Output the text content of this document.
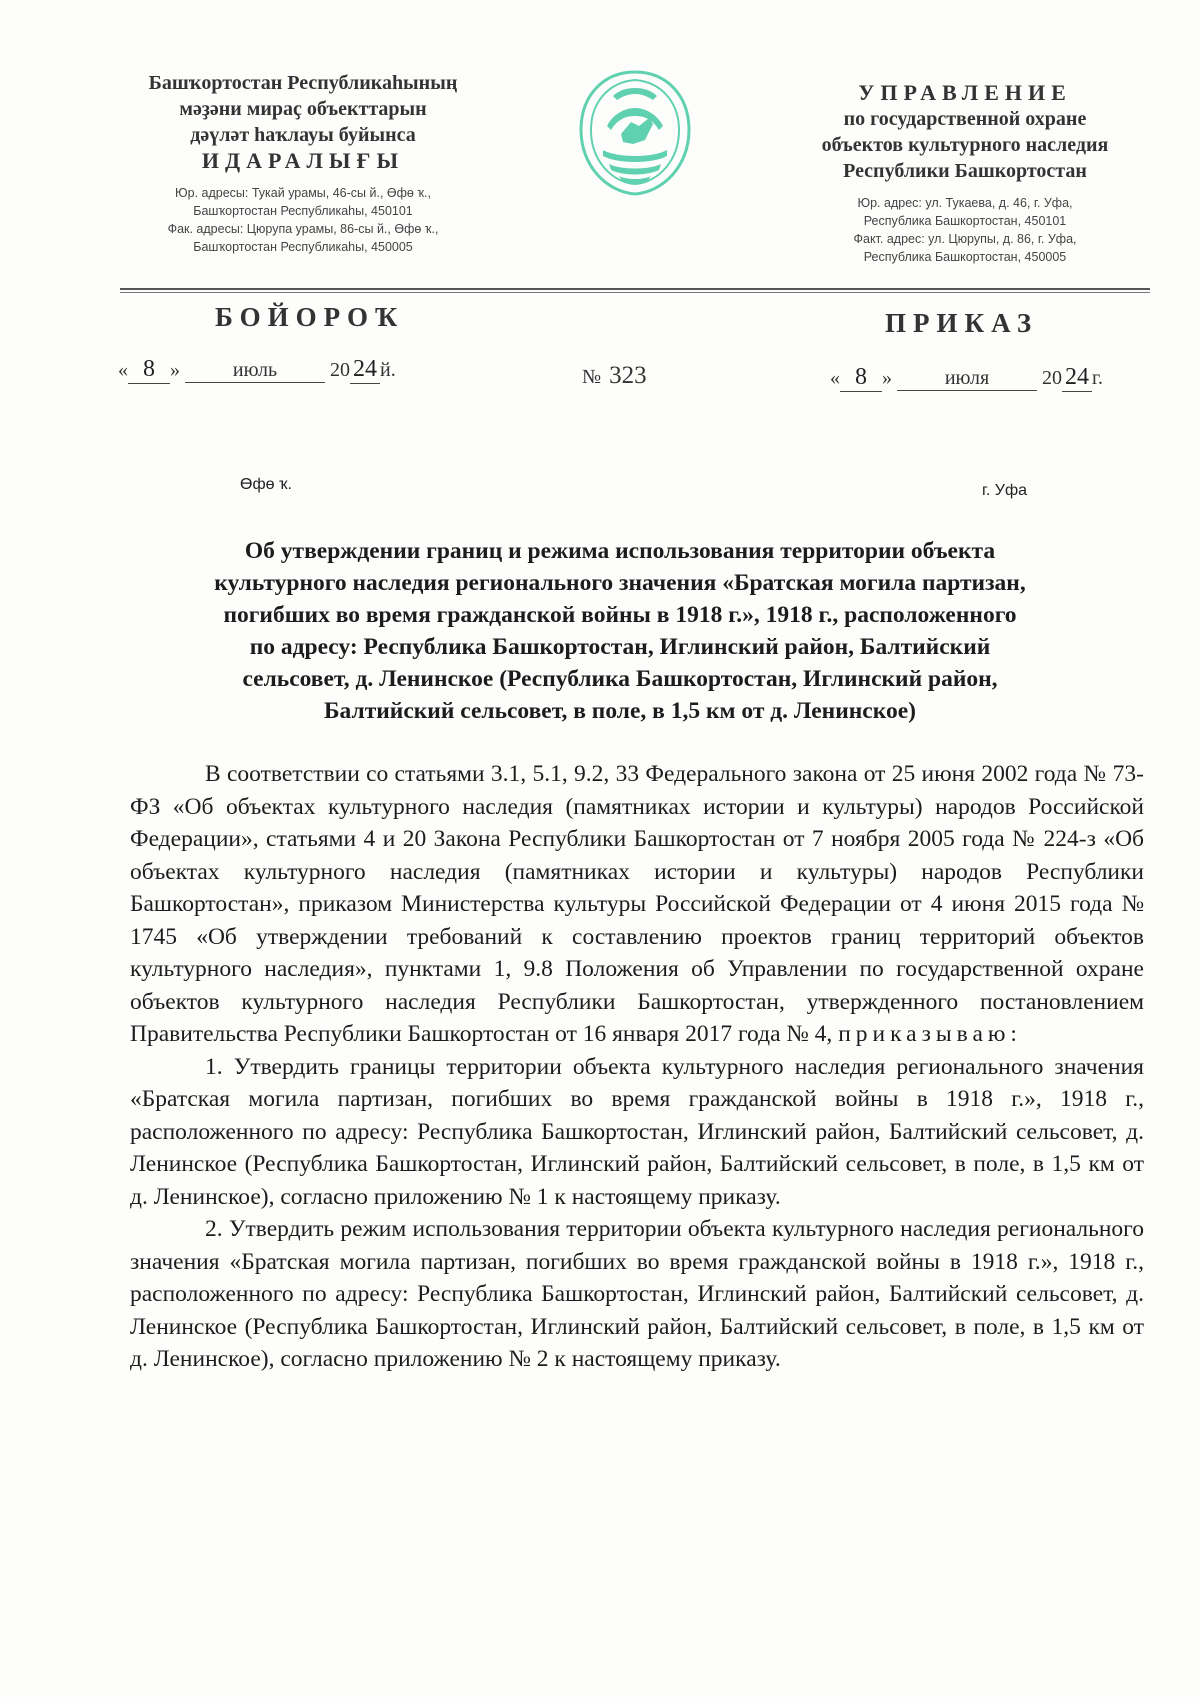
Башҡортостан Республикаһының
мәҙәни мираҫ объекттарын
дәүләт һаҡлауы буйынса
ИДАРАЛЫҒЫ
Юр. адресы: Тукай урамы, 46-сы й., Өфө ҡ.,
Башҡортостан Республикаһы, 450101
Фак. адресы: Цюрупа урамы, 86-сы й., Өфө ҡ.,
Башҡортостан Республикаһы, 450005
УПРАВЛЕНИЕ
по государственной охране
объектов культурного наследия
Республики Башкортостан
Юр. адрес: ул. Тукаева, д. 46, г. Уфа,
Республика Башкортостан, 450101
Факт. адрес: ул. Цюрупы, д. 86, г. Уфа,
Республика Башкортостан, 450005
БОЙОРОҠ	ПРИКАЗ
« 8 »	июль	20 24 й.	№ 323	« 8 »	июля	20 24 г.
Өфө ҡ.	г. Уфа
Об утверждении границ и режима использования территории объекта
культурного наследия регионального значения «Братская могила партизан,
погибших во время гражданской войны в 1918 г.», 1918 г., расположенного
по адресу: Республика Башкортостан, Иглинский район, Балтийский
сельсовет, д. Ленинское (Республика Башкортостан, Иглинский район,
Балтийский сельсовет, в поле, в 1,5 км от д. Ленинское)

В соответствии со статьями 3.1, 5.1, 9.2, 33 Федерального закона от 25 июня 2002 года № 73-ФЗ «Об объектах культурного наследия (памятниках истории и культуры) народов Российской Федерации», статьями 4 и 20 Закона Республики Башкортостан от 7 ноября 2005 года № 224-з «Об объектах культурного наследия (памятниках истории и культуры) народов Республики Башкортостан», приказом Министерства культуры Российской Федерации от 4 июня 2015 года № 1745 «Об утверждении требований к составлению проектов границ территорий объектов культурного наследия», пунктами 1, 9.8 Положения об Управлении по государственной охране объектов культурного наследия Республики Башкортостан, утвержденного постановлением Правительства Республики Башкортостан от 16 января 2017 года № 4, приказываю:

1. Утвердить границы территории объекта культурного наследия регионального значения «Братская могила партизан, погибших во время гражданской войны в 1918 г.», 1918 г., расположенного по адресу: Республика Башкортостан, Иглинский район, Балтийский сельсовет, д. Ленинское (Республика Башкортостан, Иглинский район, Балтийский сельсовет, в поле, в 1,5 км от д. Ленинское), согласно приложению № 1 к настоящему приказу.

2. Утвердить режим использования территории объекта культурного наследия регионального значения «Братская могила партизан, погибших во время гражданской войны в 1918 г.», 1918 г., расположенного по адресу: Республика Башкортостан, Иглинский район, Балтийский сельсовет, д. Ленинское (Республика Башкортостан, Иглинский район, Балтийский сельсовет, в поле, в 1,5 км от д. Ленинское), согласно приложению № 2 к настоящему приказу.
